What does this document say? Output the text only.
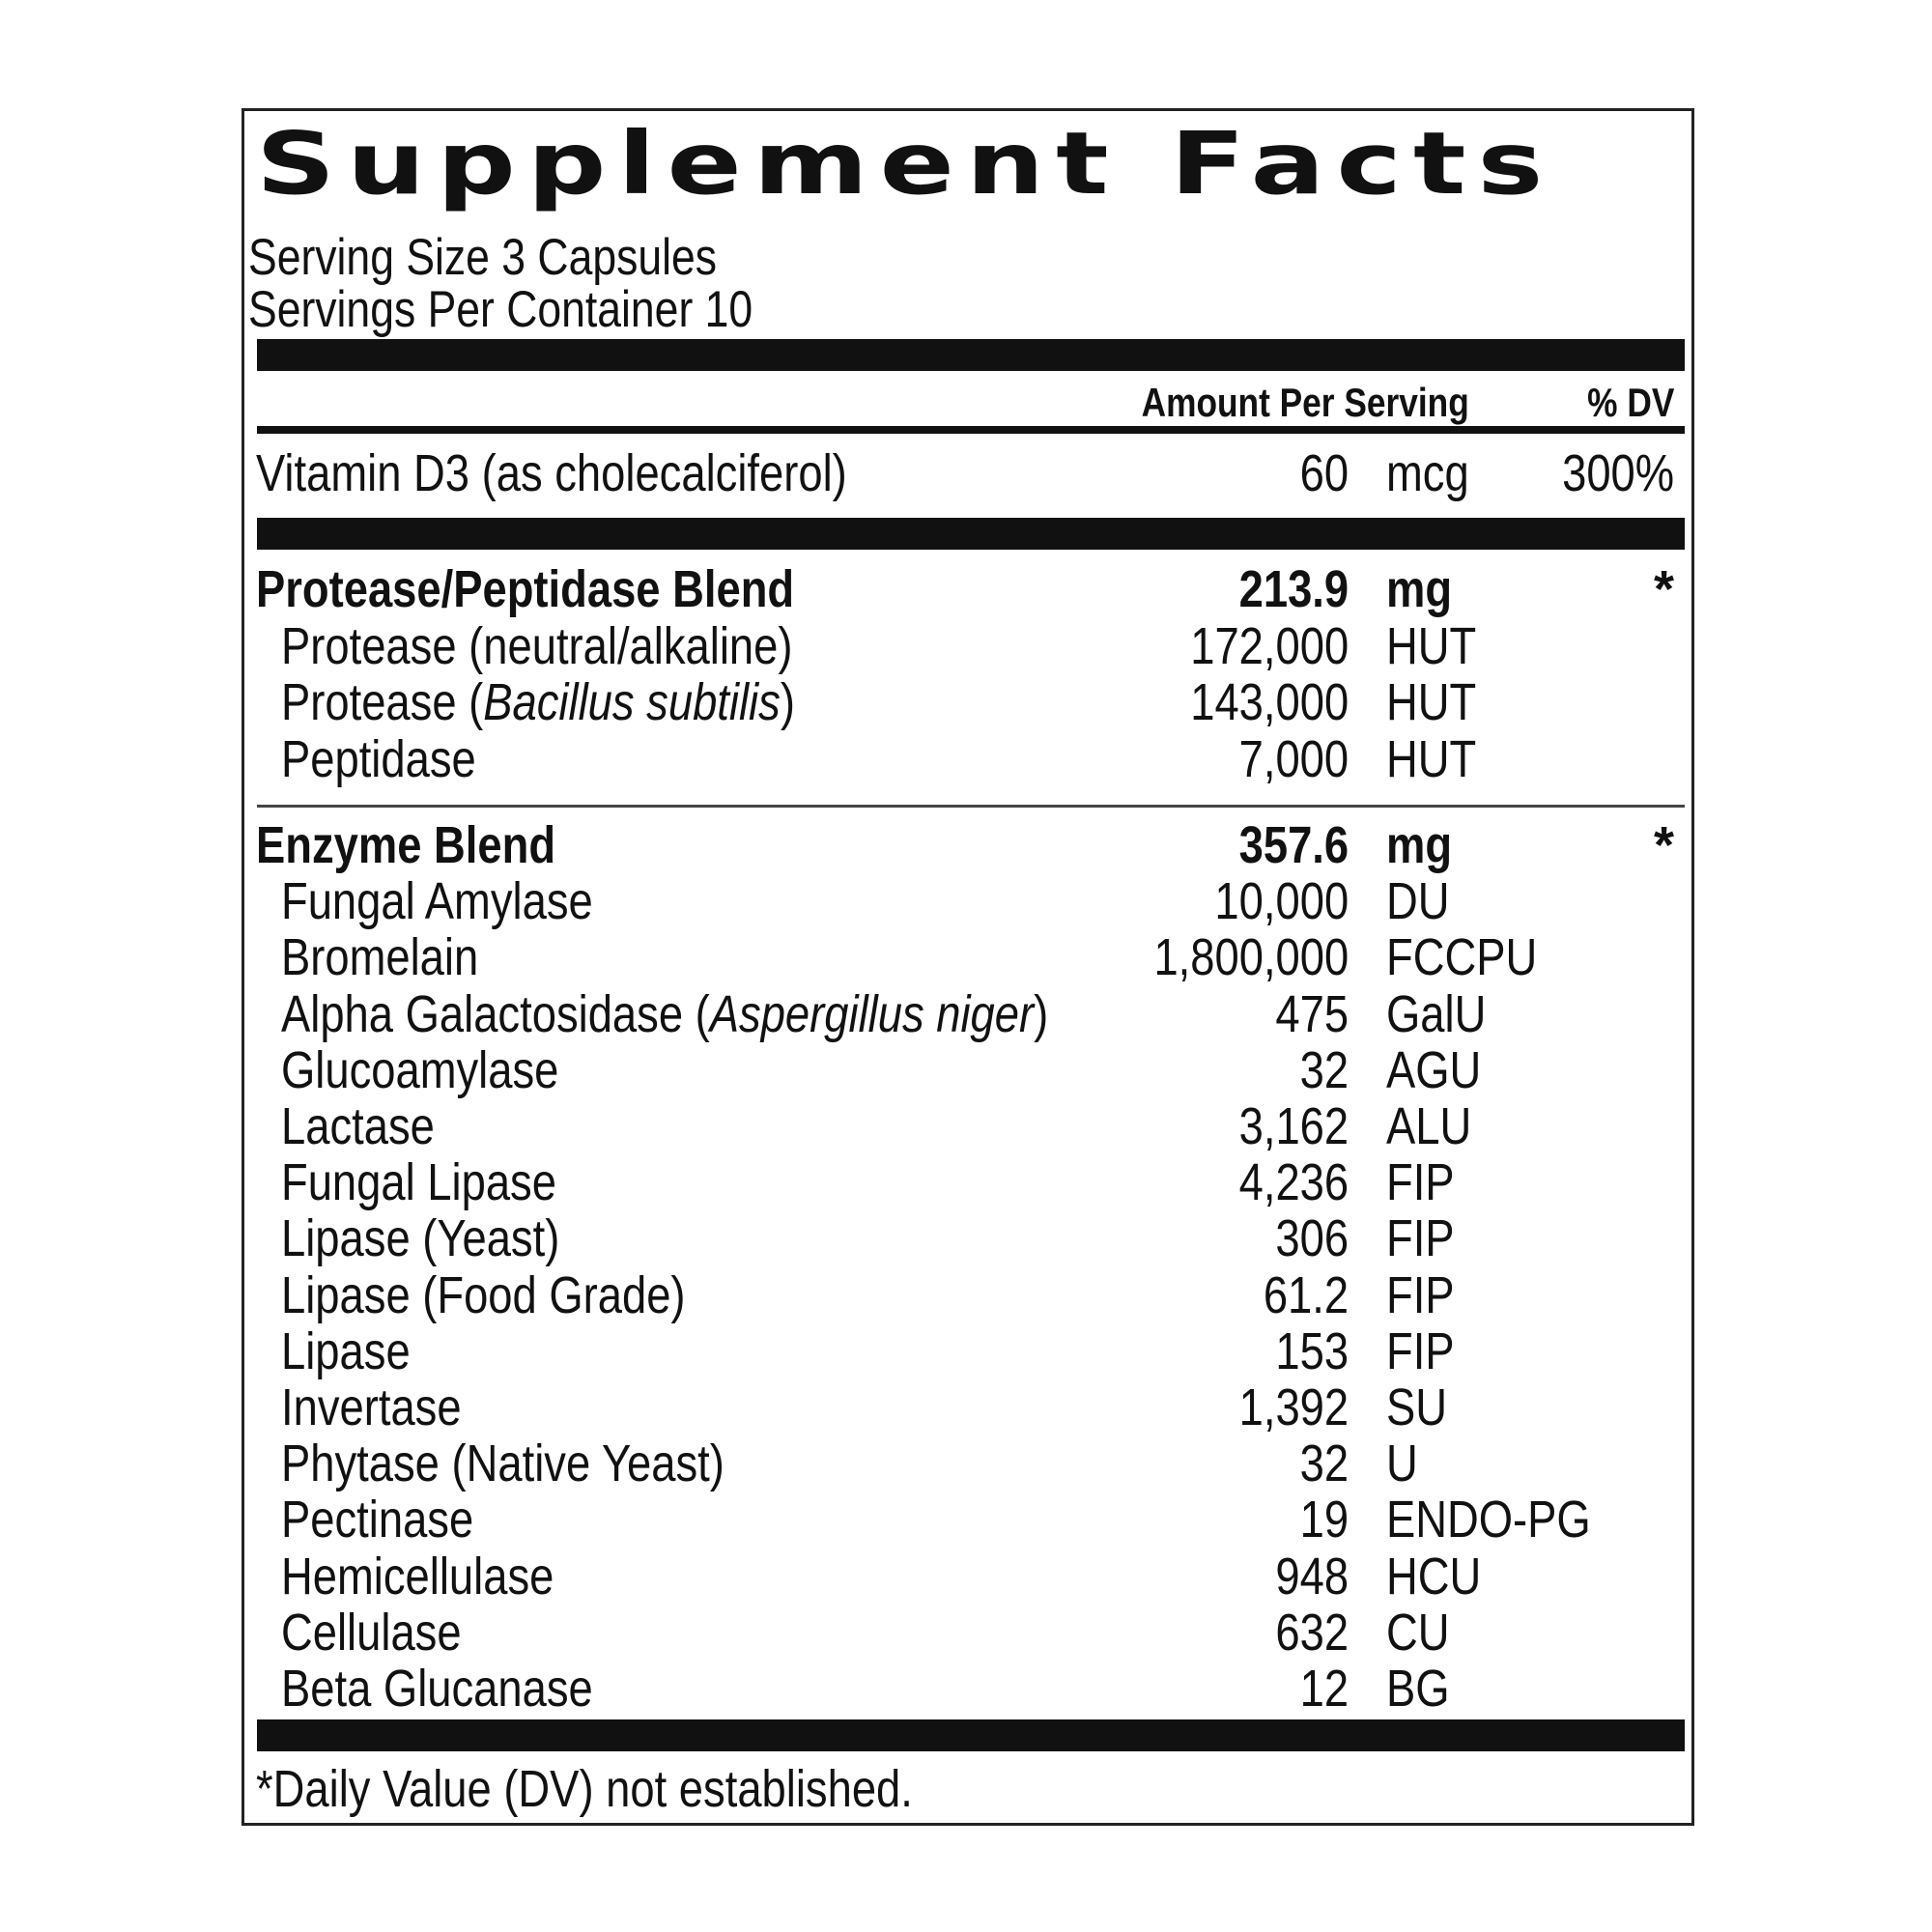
Supplement Facts
Serving Size 3 Capsules
Servings Per Container 10
Amount Per Serving	% DV
Vitamin D3 (as cholecalciferol)	60 mcg 300%
Protease/Peptidase Blend	213.9 mg	*
Protease (neutral/alkaline)	172,000 HUT
Protease (Bacillus subtilis)	143,000 HUT
Peptidase	7,000 HUT
Enzyme Blend	357.6 mg	*
Fungal Amylase	10,000 DU
Bromelain	1,800,000 FCCPU
Alpha Galactosidase (Aspergillus niger)	475 GalU
Glucoamylase	32 AGU
Lactase	3,162 ALU
Fungal Lipase	4,236 FIP
Lipase (Yeast)	306 FIP
Lipase (Food Grade)	61.2 FIP
Lipase	153 FIP
Invertase	1,392 SU
Phytase (Native Yeast)	32 U
Pectinase	19 ENDO-PG
Hemicellulase	948 HCU
Cellulase	632 CU
Beta Glucanase	12 BG
*Daily Value (DV) not established.
